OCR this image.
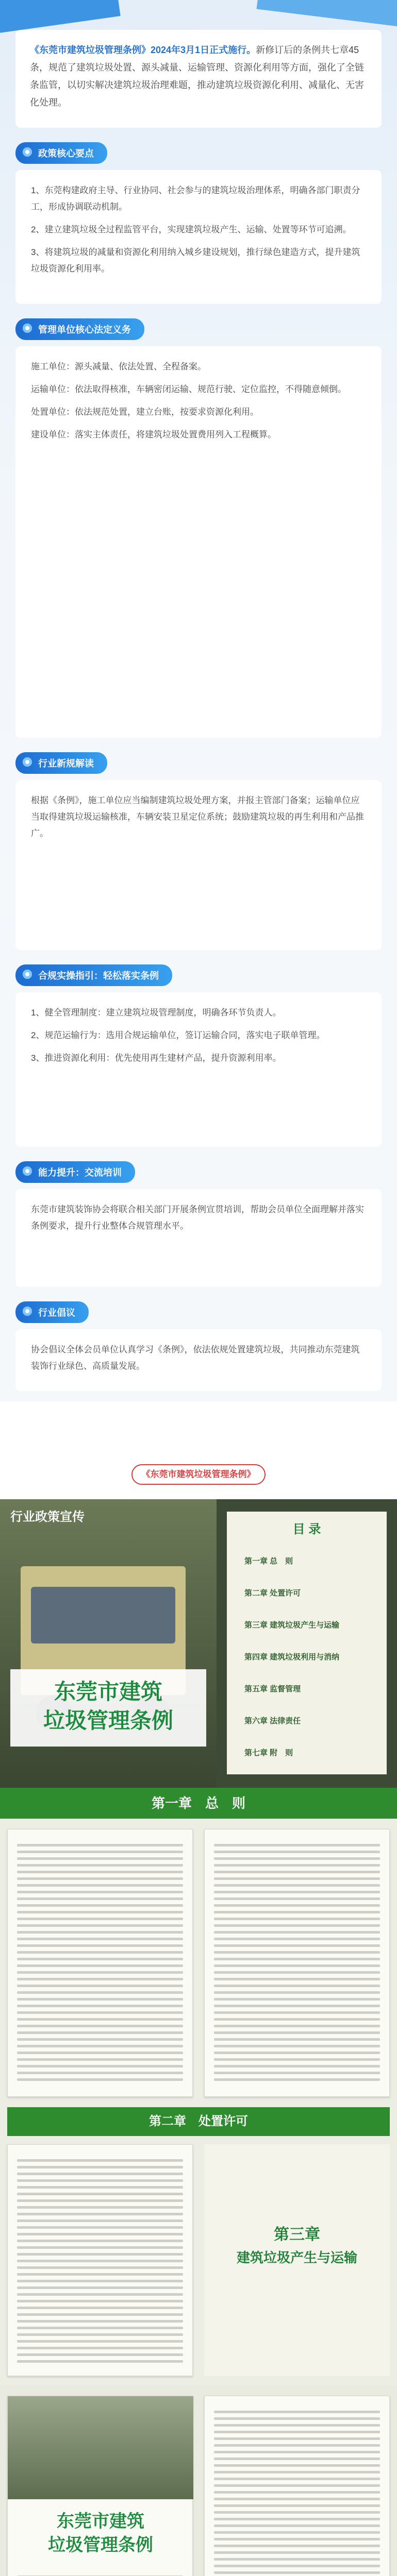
《东莞市建筑垃圾管理条例》2024年3月1日正式施行。新修订后的条例共七章45条，规范了建筑垃圾处置、源头减量、运输管理、资源化利用等方面，强化了全链条监管，以切实解决建筑垃圾治理难题，推动建筑垃圾资源化利用、减量化、无害化处理。
政策核心要点

1、东莞构建政府主导、行业协同、社会参与的建筑垃圾治理体系，明确各部门职责分工，形成协调联动机制。

2、建立建筑垃圾全过程监管平台，实现建筑垃圾产生、运输、处置等环节可追溯。

3、将建筑垃圾的减量和资源化利用纳入城乡建设规划，推行绿色建造方式，提升建筑垃圾资源化利用率。

管理单位核心法定义务

施工单位：源头减量、依法处置、全程备案。

运输单位：依法取得核准，车辆密闭运输、规范行驶、定位监控，不得随意倾倒。

处置单位：依法规范处置，建立台账，按要求资源化利用。

建设单位：落实主体责任，将建筑垃圾处置费用列入工程概算。

行业新规解读

根据《条例》，施工单位应当编制建筑垃圾处理方案，并报主管部门备案；运输单位应当取得建筑垃圾运输核准，车辆安装卫星定位系统；鼓励建筑垃圾的再生利用和产品推广。

合规实操指引：轻松落实条例

1、健全管理制度：建立建筑垃圾管理制度，明确各环节负责人。

2、规范运输行为：选用合规运输单位，签订运输合同，落实电子联单管理。

3、推进资源化利用：优先使用再生建材产品，提升资源利用率。

能力提升：交流培训

东莞市建筑装饰协会将联合相关部门开展条例宣贯培训，帮助会员单位全面理解并落实条例要求，提升行业整体合规管理水平。

行业倡议

协会倡议全体会员单位认真学习《条例》，依法依规处置建筑垃圾，共同推动东莞建筑装饰行业绿色、高质量发展。

《东莞市建筑垃圾管理条例》
行业政策宣传
东莞市建筑
垃圾管理条例
目 录
第一章 总　则
第二章 处置许可
第三章 建筑垃圾产生与运输
第四章 建筑垃圾利用与消纳
第五章 监督管理
第六章 法律责任
第七章 附　则
第一章　总　则
第二章　处置许可
第三章
建筑垃圾产生与运输
东莞市建筑
垃圾管理条例
